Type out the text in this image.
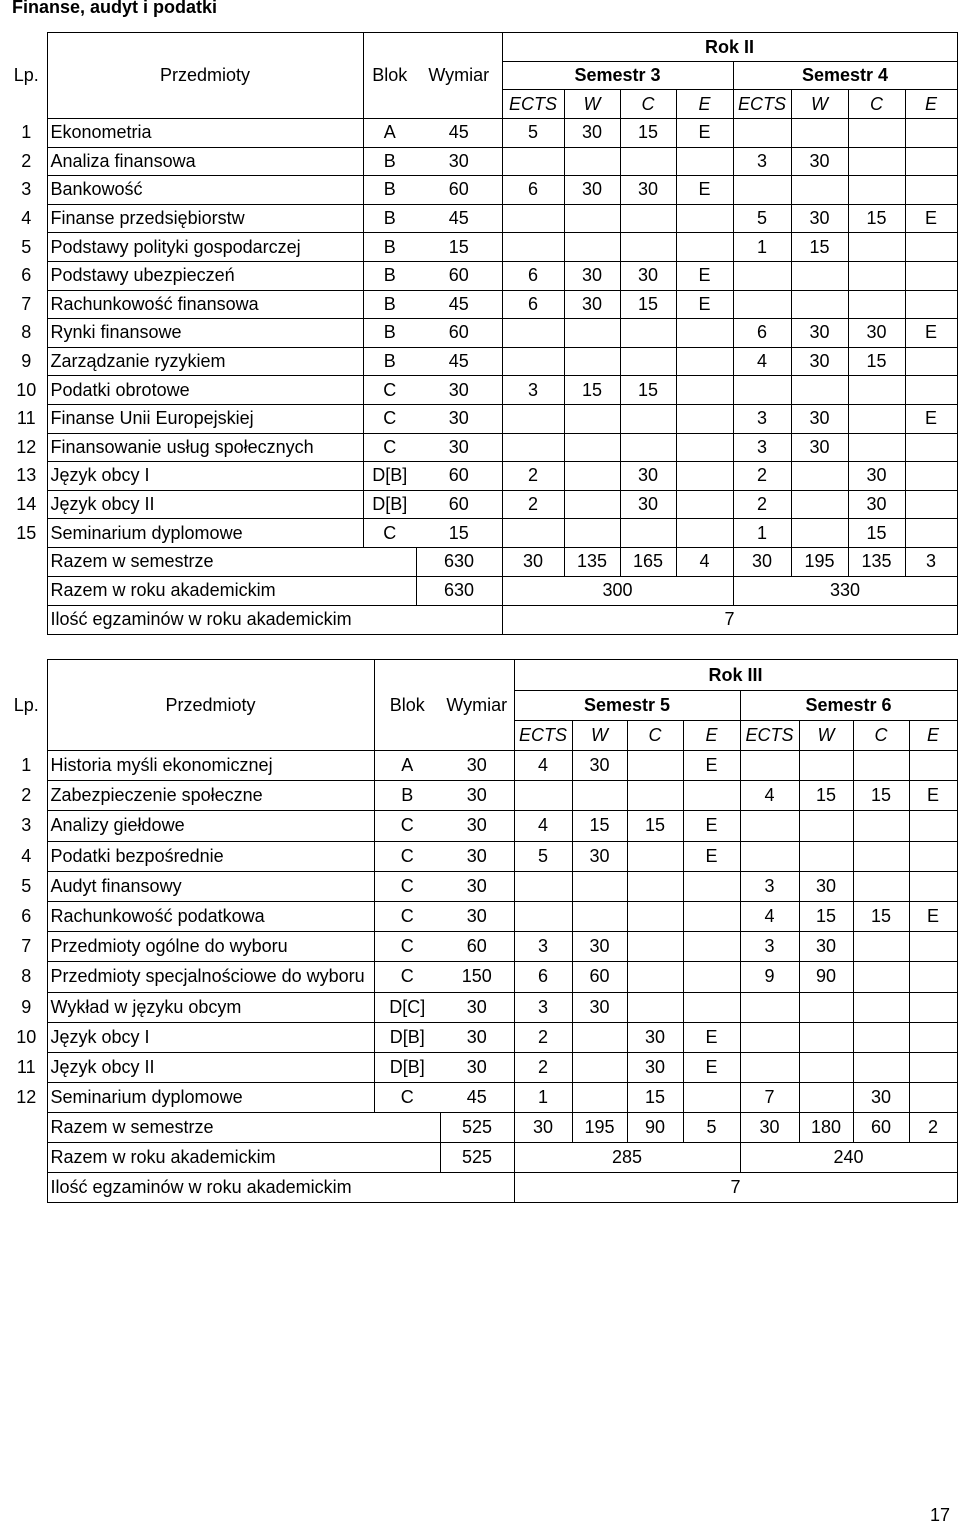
Finanse, audyt i podatki
Lp.	Przedmioty	Blok	Wymiar	Rok II							
				Semestr 3				Semestr 4			
				ECTS	W	C	E	ECTS	W	C	E
1	Ekonometria	A	45	5	30	15	E				
2	Analiza finansowa	B	30					3	30		
3	Bankowość	B	60	6	30	30	E				
4	Finanse przedsiębiorstw	B	45					5	30	15	E
5	Podstawy polityki gospodarczej	B	15					1	15		
6	Podstawy ubezpieczeń	B	60	6	30	30	E				
7	Rachunkowość finansowa	B	45	6	30	15	E				
8	Rynki finansowe	B	60					6	30	30	E
9	Zarządzanie ryzykiem	B	45					4	30	15	
10	Podatki obrotowe	C	30	3	15	15					
11	Finanse Unii Europejskiej	C	30					3	30		E
12	Finansowanie usług społecznych	C	30					3	30		
13	Język obcy I	D[B]	60	2		30		2		30	
14	Język obcy II	D[B]	60	2		30		2		30	
15	Seminarium dyplomowe	C	15					1		15	
	Razem w semestrze		630	30	135	165	4	30	195	135	3
	Razem w roku akademickim		630	300				330			
	Ilość egzaminów w roku akademickim			7							
Lp.	Przedmioty	Blok	Wymiar	Rok III							
				Semestr 5				Semestr 6			
				ECTS	W	C	E	ECTS	W	C	E
1	Historia myśli ekonomicznej	A	30	4	30		E				
2	Zabezpieczenie społeczne	B	30					4	15	15	E
3	Analizy giełdowe	C	30	4	15	15	E				
4	Podatki bezpośrednie	C	30	5	30		E				
5	Audyt finansowy	C	30					3	30		
6	Rachunkowość podatkowa	C	30					4	15	15	E
7	Przedmioty ogólne do wyboru	C	60	3	30			3	30		
8	Przedmioty specjalnościowe do wyboru	C	150	6	60			9	90		
9	Wykład w języku obcym	D[C]	30	3	30						
10	Język obcy I	D[B]	30	2		30	E				
11	Język obcy II	D[B]	30	2		30	E				
12	Seminarium dyplomowe	C	45	1		15		7		30	
	Razem w semestrze		525	30	195	90	5	30	180	60	2
	Razem w roku akademickim		525	285				240			
	Ilość egzaminów w roku akademickim			7							
17
